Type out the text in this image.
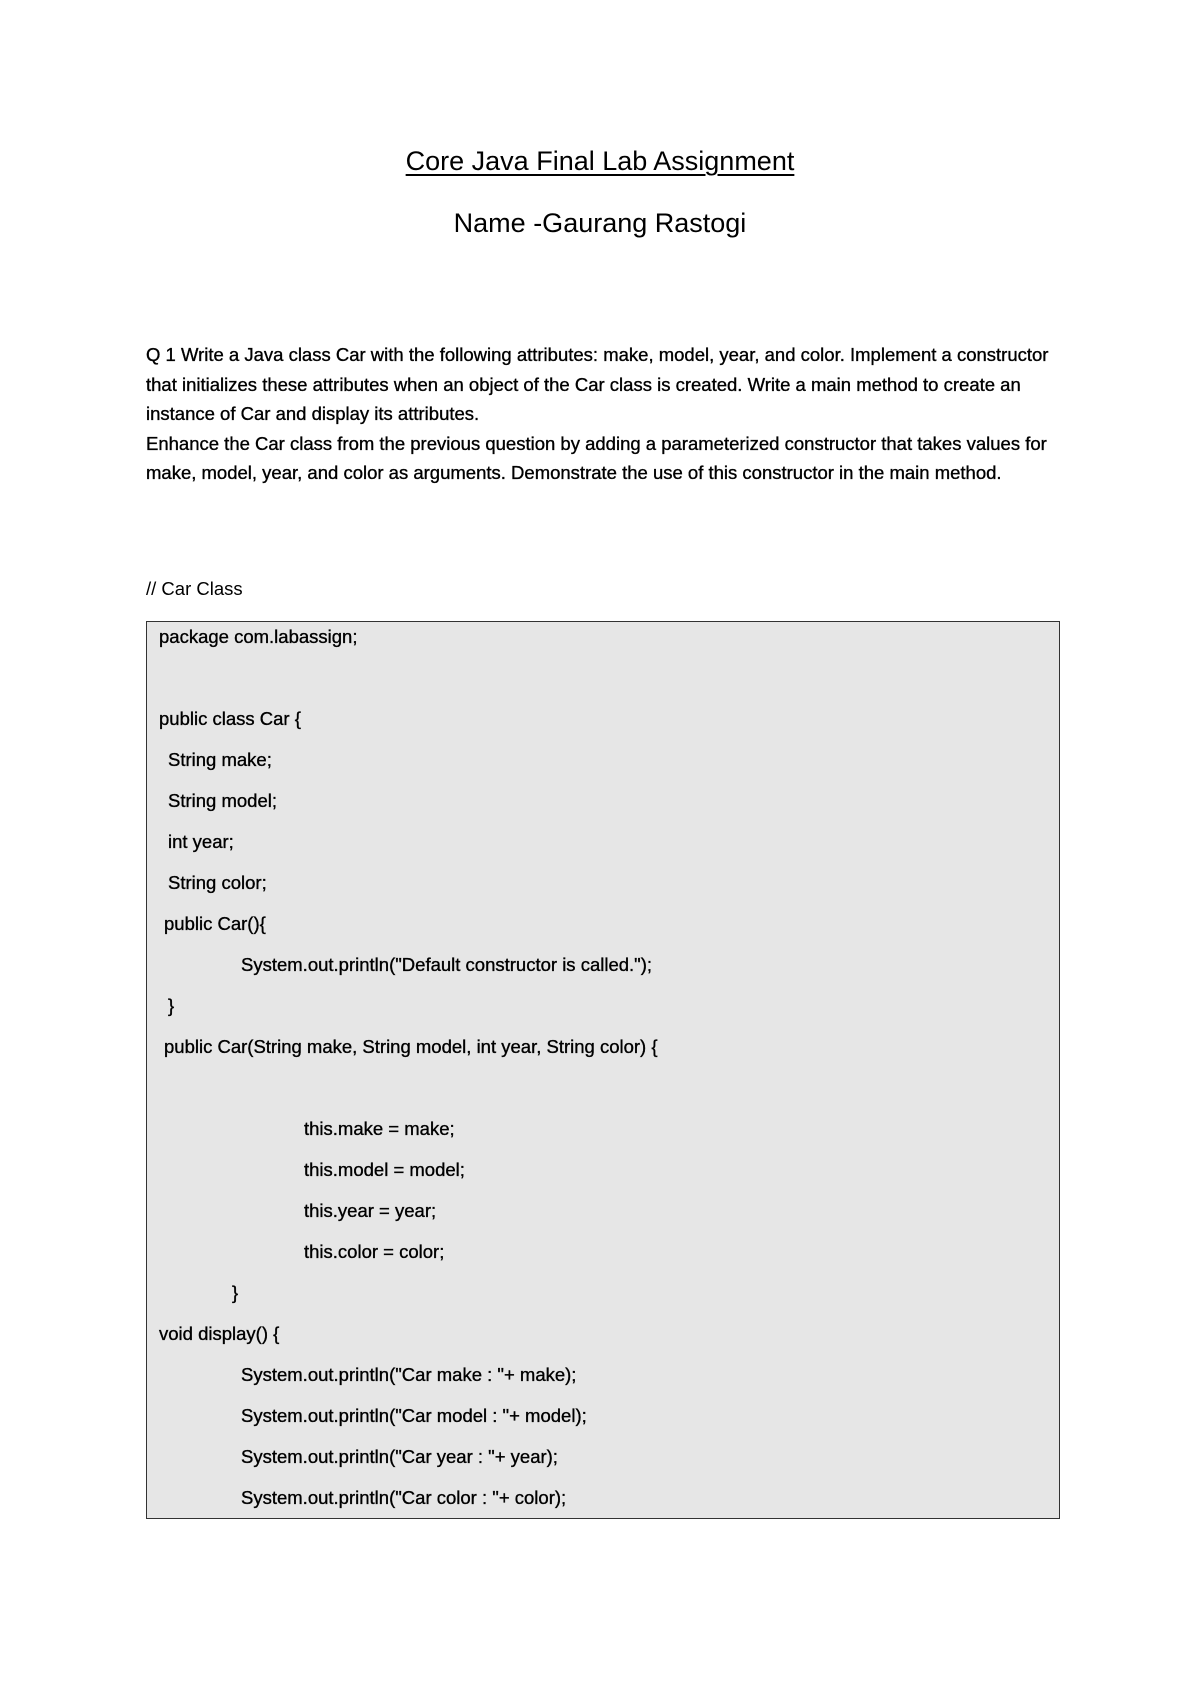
Core Java Final Lab Assignment
Name -Gaurang Rastogi

Q 1 Write a Java class Car with the following attributes: make, model, year, and color. Implement a constructor that initializes these attributes when an object of the Car class is created. Write a main method to create an instance of Car and display its attributes.

Enhance the Car class from the previous question by adding a parameterized constructor that takes values for make, model, year, and color as arguments. Demonstrate the use of this constructor in the main method.

// Car Class
package com.labassign;
public class Car {
String make;
String model;
int year;
String color;
public Car(){
System.out.println("Default constructor is called.");
}
public Car(String make, String model, int year, String color) {
this.make = make;
this.model = model;
this.year = year;
this.color = color;
}
void display() {
System.out.println("Car make : "+ make);
System.out.println("Car model : "+ model);
System.out.println("Car year : "+ year);
System.out.println("Car color : "+ color);
